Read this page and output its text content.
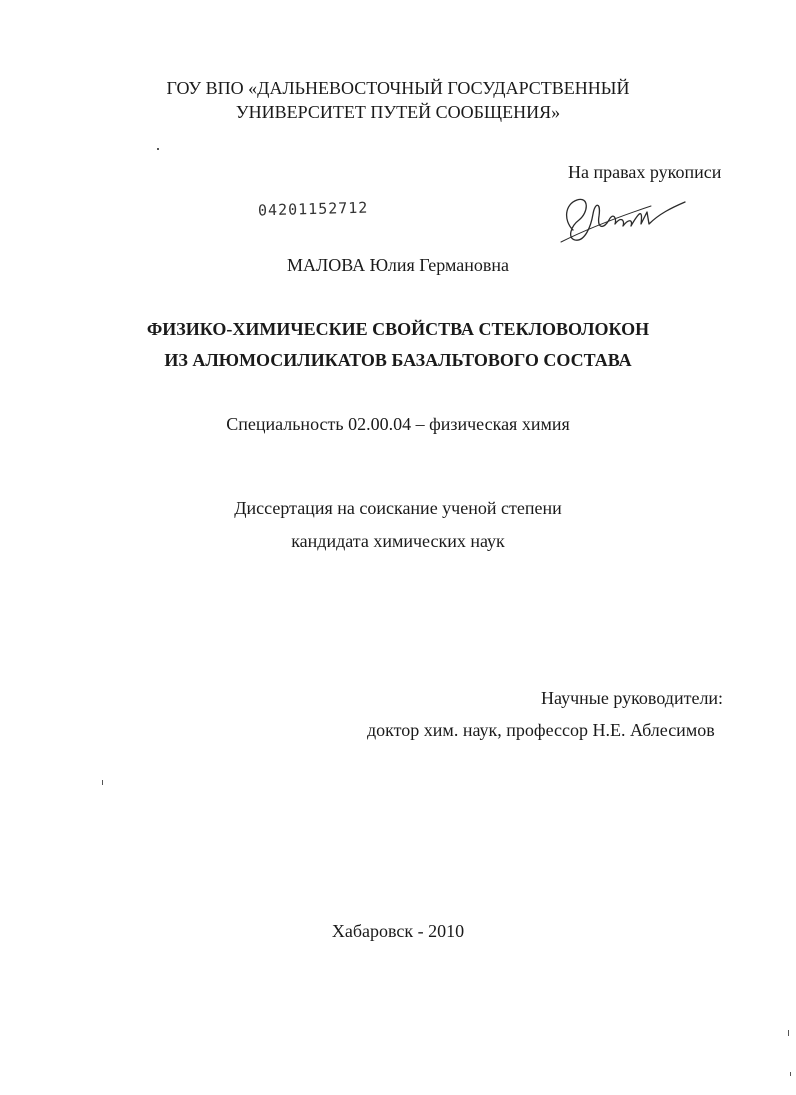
ГОУ ВПО «ДАЛЬНЕВОСТОЧНЫЙ ГОСУДАРСТВЕННЫЙ
УНИВЕРСИТЕТ ПУТЕЙ СООБЩЕНИЯ»
На правах рукописи
04201152712
МАЛОВА Юлия Германовна
ФИЗИКО-ХИМИЧЕСКИЕ СВОЙСТВА СТЕКЛОВОЛОКОН
ИЗ АЛЮМОСИЛИКАТОВ БАЗАЛЬТОВОГО СОСТАВА
Специальность 02.00.04 – физическая химия
Диссертация на соискание ученой степени
кандидата химических наук
Научные руководители:
доктор хим. наук, профессор Н.Е. Аблесимов
Хабаровск - 2010
